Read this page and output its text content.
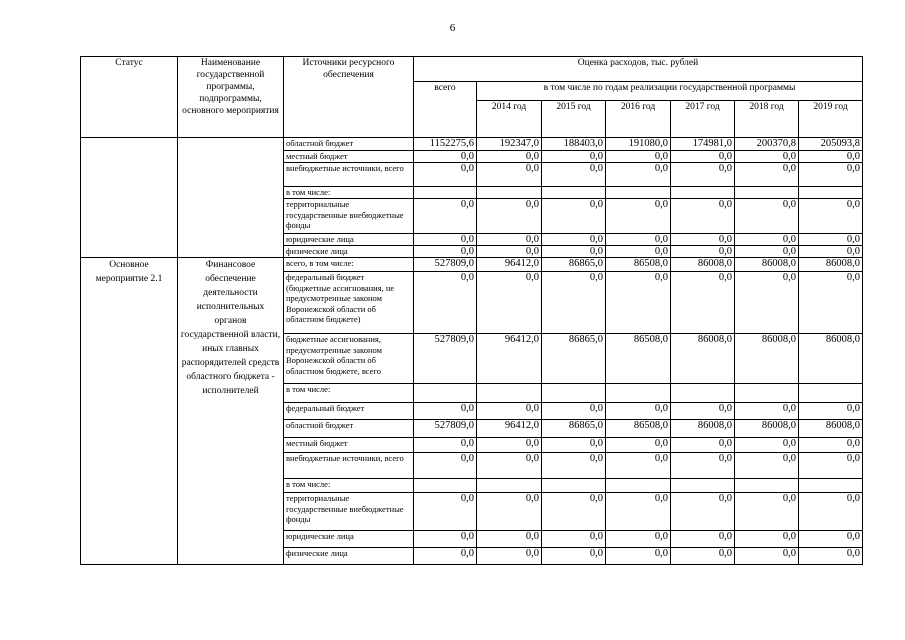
6
Статус	Наименование государственной программы, подпрограммы, основного мероприятия	Источники ресурсного обеспечения	Оценка расходов, тыс. рублей						
			всего	в том числе по годам реализации государственной программы					
				2014 год	2015 год	2016 год	2017 год	2018 год	2019 год
		областной бюджет	1152275,6	192347,0	188403,0	191080,0	174981,0	200370,8	205093,8
		местный бюджет	0,0	0,0	0,0	0,0	0,0	0,0	0,0
		внебюджетные источники, всего	0,0	0,0	0,0	0,0	0,0	0,0	0,0
		в том числе:							
		территориальные государственные внебюджетные фонды	0,0	0,0	0,0	0,0	0,0	0,0	0,0
		юридические лица	0,0	0,0	0,0	0,0	0,0	0,0	0,0
		физические лица	0,0	0,0	0,0	0,0	0,0	0,0	0,0
Основное мероприятие 2.1	Финансовое обеспечение деятельности исполнительных органов государственной власти, иных главных распорядителей средств областного бюджета - исполнителей	всего, в том числе:	527809,0	96412,0	86865,0	86508,0	86008,0	86008,0	86008,0
		федеральный бюджет (бюджетные ассигнования, не предусмотренные законом Воронежской области об областном бюджете)	0,0	0,0	0,0	0,0	0,0	0,0	0,0
		бюджетные ассигнования, предусмотренные законом Воронежской области об областном бюджете, всего	527809,0	96412,0	86865,0	86508,0	86008,0	86008,0	86008,0
		в том числе:							
		федеральный бюджет	0,0	0,0	0,0	0,0	0,0	0,0	0,0
		областной бюджет	527809,0	96412,0	86865,0	86508,0	86008,0	86008,0	86008,0
		местный бюджет	0,0	0,0	0,0	0,0	0,0	0,0	0,0
		внебюджетные источники, всего	0,0	0,0	0,0	0,0	0,0	0,0	0,0
		в том числе:							
		территориальные государственные внебюджетные фонды	0,0	0,0	0,0	0,0	0,0	0,0	0,0
		юридические лица	0,0	0,0	0,0	0,0	0,0	0,0	0,0
		физические лица	0,0	0,0	0,0	0,0	0,0	0,0	0,0
